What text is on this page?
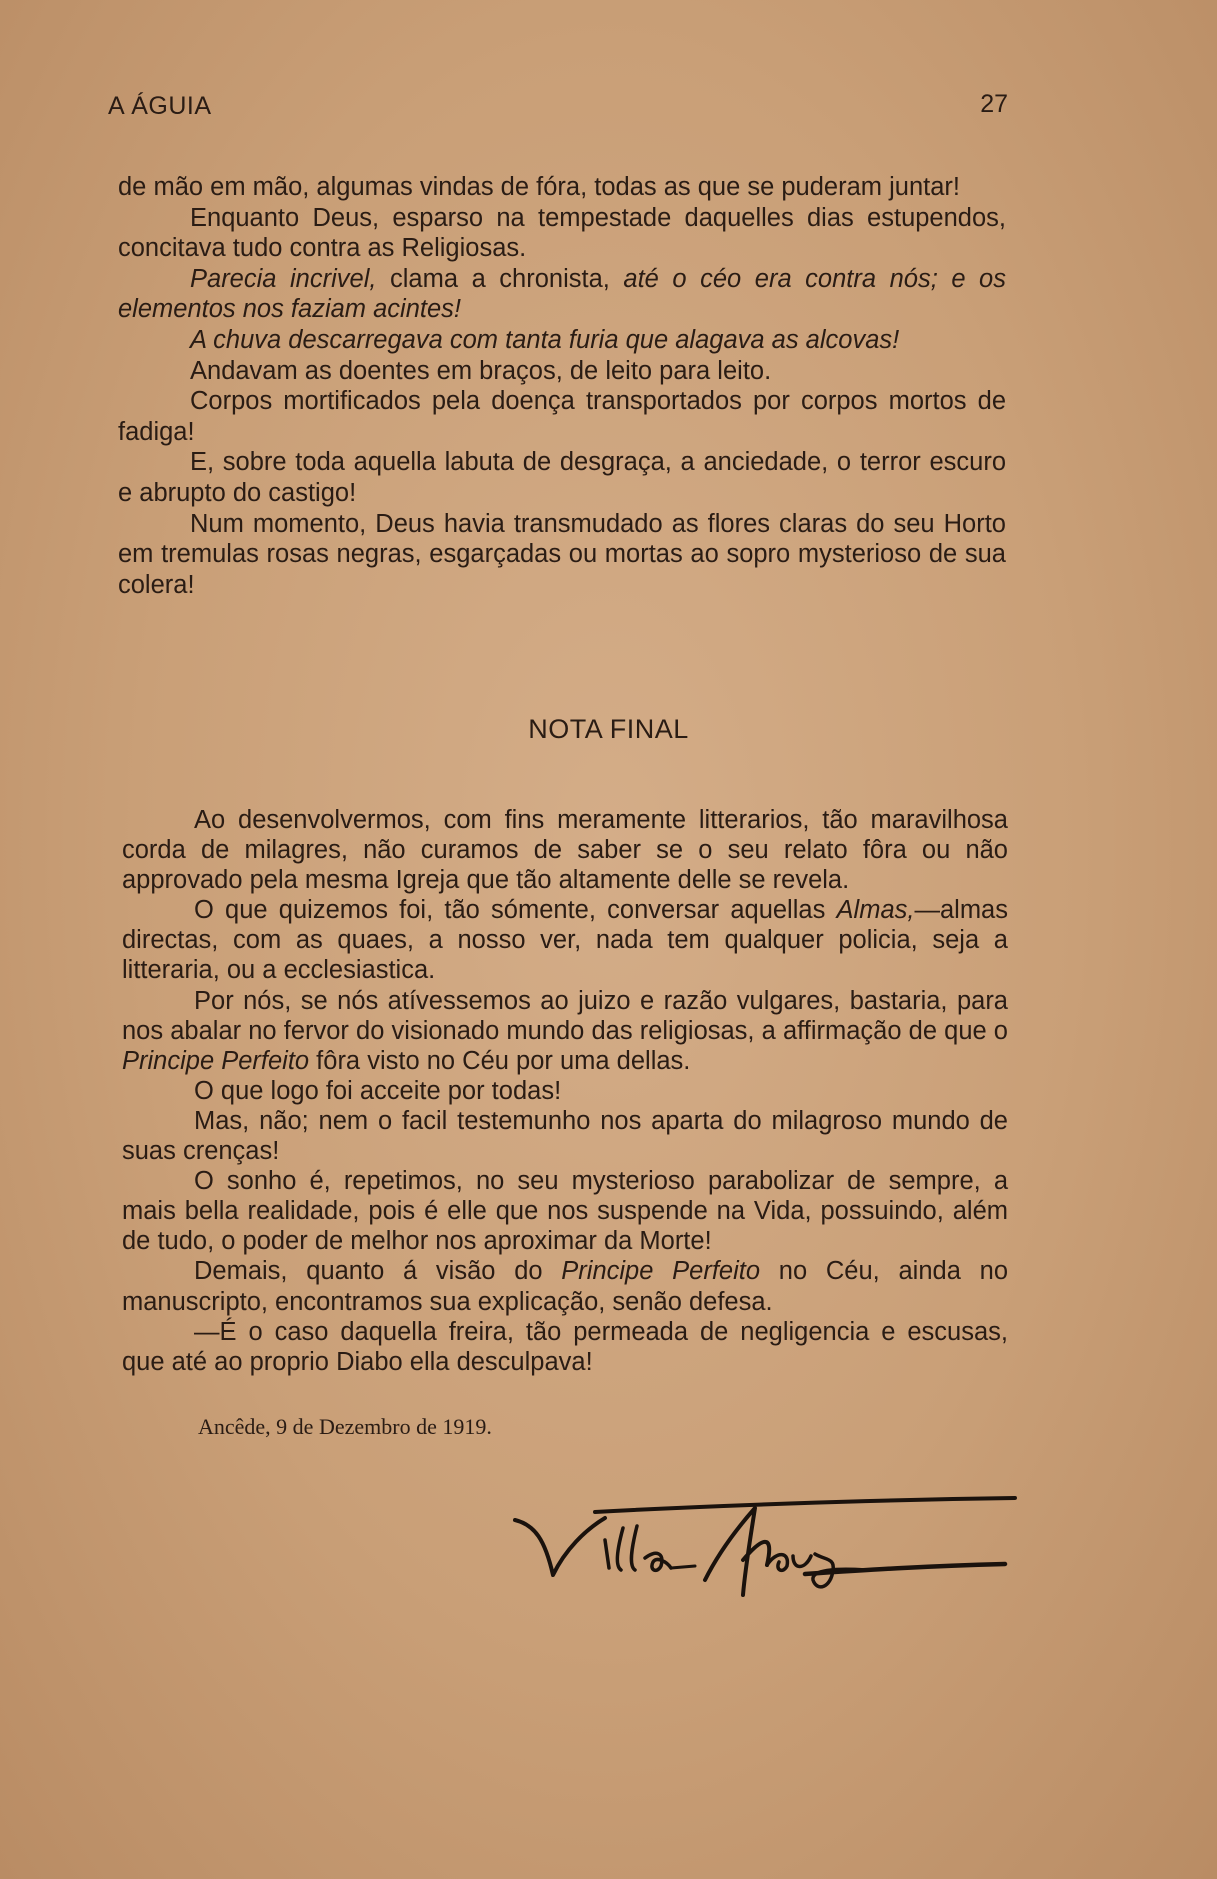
A ÁGUIA	27

de mão em mão, algumas vindas de fóra, todas as que se puderam juntar!

Enquanto Deus, esparso na tempestade daquelles dias estupendos, concitava tudo contra as Religiosas.

Parecia incrivel, clama a chronista, até o céo era contra nós; e os elementos nos faziam acintes!

A chuva descarregava com tanta furia que alagava as alcovas!

Andavam as doentes em braços, de leito para leito.

Corpos mortificados pela doença transportados por corpos mortos de fadiga!

E, sobre toda aquella labuta de desgraça, a anciedade, o terror escuro e abrupto do castigo!

Num momento, Deus havia transmudado as flores claras do seu Horto em tremulas rosas negras, esgarçadas ou mortas ao sopro mysterioso de sua colera!

NOTA FINAL

Ao desenvolvermos, com fins meramente litterarios, tão maravilhosa corda de milagres, não curamos de saber se o seu relato fôra ou não approvado pela mesma Igreja que tão altamente delle se revela.

O que quizemos foi, tão sómente, conversar aquellas Almas,—almas directas, com as quaes, a nosso ver, nada tem qualquer policia, seja a litteraria, ou a ecclesiastica.

Por nós, se nós atívessemos ao juizo e razão vulgares, bastaria, para nos abalar no fervor do visionado mundo das religiosas, a affirmação de que o Principe Perfeito fôra visto no Céu por uma dellas.

O que logo foi acceite por todas!

Mas, não; nem o facil testemunho nos aparta do milagroso mundo de suas crenças!

O sonho é, repetimos, no seu mysterioso parabolizar de sempre, a mais bella realidade, pois é elle que nos suspende na Vida, possuindo, além de tudo, o poder de melhor nos aproximar da Morte!

Demais, quanto á visão do Principe Perfeito no Céu, ainda no manuscripto, encontramos sua explicação, senão defesa.

—É o caso daquella freira, tão permeada de negligencia e escusas, que até ao proprio Diabo ella desculpava!

Ancêde, 9 de Dezembro de 1919.
Villa-Moura
